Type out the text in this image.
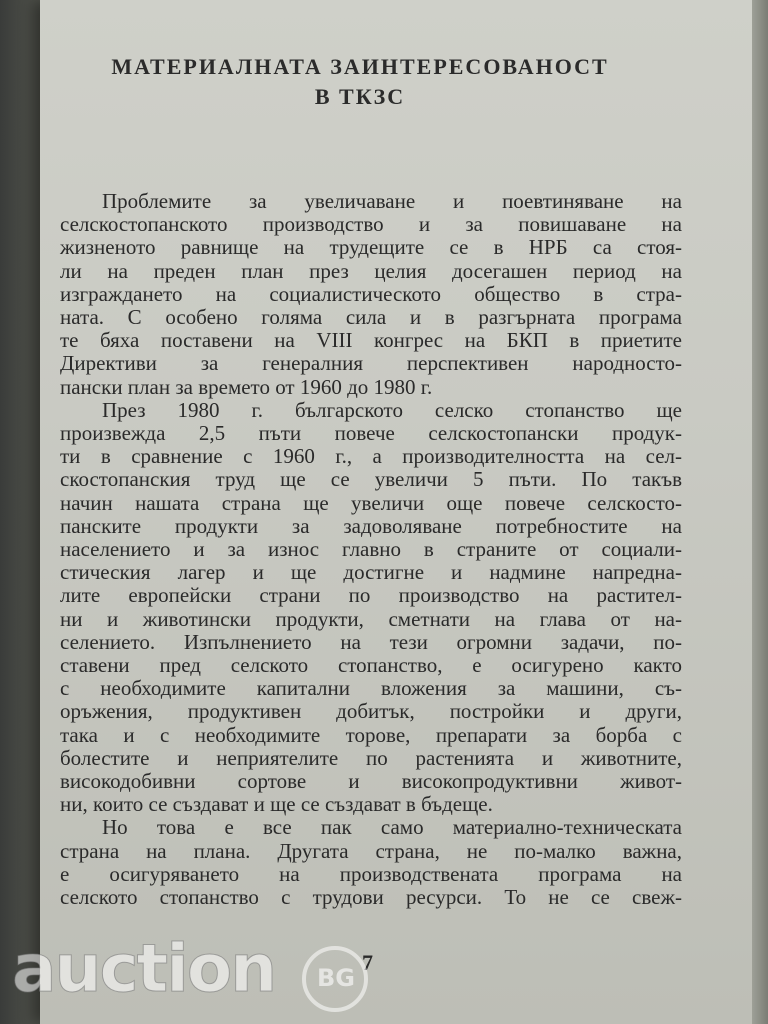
МАТЕРИАЛНАТА ЗАИНТЕРЕСОВАНОСТ
В ТКЗС
Проблемите за увеличаване и поевтиняване на
селскостопанското производство и за повишаване на
жизненото равнище на трудещите се в НРБ са стоя-
ли на преден план през целия досегашен период на
изграждането на социалистическото общество в стра-
ната. С особено голяма сила и в разгърната програма
те бяха поставени на VIII конгрес на БКП в приетите
Директиви за генералния перспективен народносто-
пански план за времето от 1960 до 1980 г.
През 1980 г. българското селско стопанство ще
произвежда 2,5 пъти повече селскостопански продук-
ти в сравнение с 1960 г., а производителността на сел-
скостопанския труд ще се увеличи 5 пъти. По такъв
начин нашата страна ще увеличи още повече селскосто-
панските продукти за задоволяване потребностите на
населението и за износ главно в страните от социали-
стическия лагер и ще достигне и надмине напредна-
лите европейски страни по производство на растител-
ни и животински продукти, сметнати на глава от на-
селението. Изпълнението на тези огромни задачи, по-
ставени пред селското стопанство, е осигурено както
с необходимите капитални вложения за машини, съ-
оръжения, продуктивен добитък, постройки и други,
така и с необходимите торове, препарати за борба с
болестите и неприятелите по растенията и животните,
високодобивни сортове и високопродуктивни живот-
ни, които се създават и ще се създават в бъдеще.
Но това е все пак само материално-техническата
страна на плана. Другата страна, не по-малко важна,
е осигуряването на производствената програма на
селското стопанство с трудови ресурси. То не се свеж-
7
auction BG
